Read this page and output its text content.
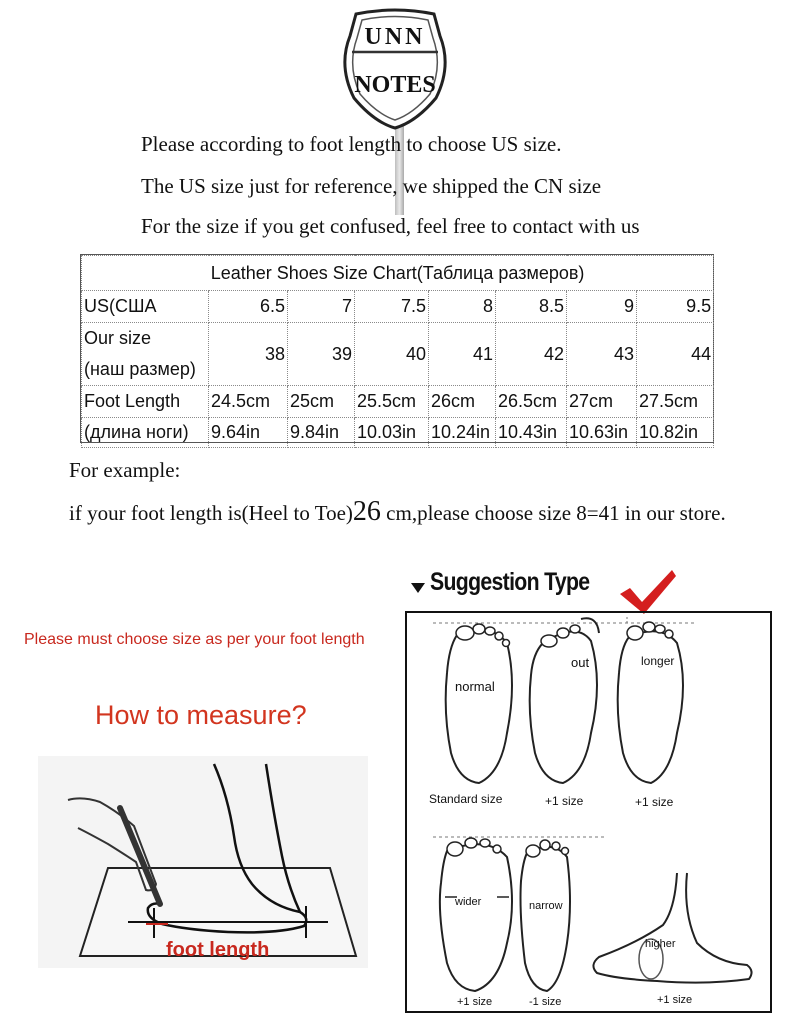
UNN
NOTES
Please according to foot length to choose US size.
The US size just for reference, we shipped the CN size
For the size if you get confused, feel free to contact with us
Leather Shoes Size Chart(Таблица размеров)							
US(США	6.5	7	7.5	8	8.5	9	9.5

Our size
(наш размер)	38	39	40	41	42	43	44
Foot Length	24.5cm	25cm	25.5cm	26cm	26.5cm	27cm	27.5cm
(длина ноги)	9.64in	9.84in	10.03in	10.24in	10.43in	10.63in	10.82in
For example:
if your foot length is(Heel to Toe)26 cm,please choose size 8=41 in our store.
Please must choose size as per your foot length
How to measure?
foot length
Suggestion Type
normal
out	longer
Standard size	+1 size	+1 size
wider	narrow
higher
+1 size	-1 size	+1 size
